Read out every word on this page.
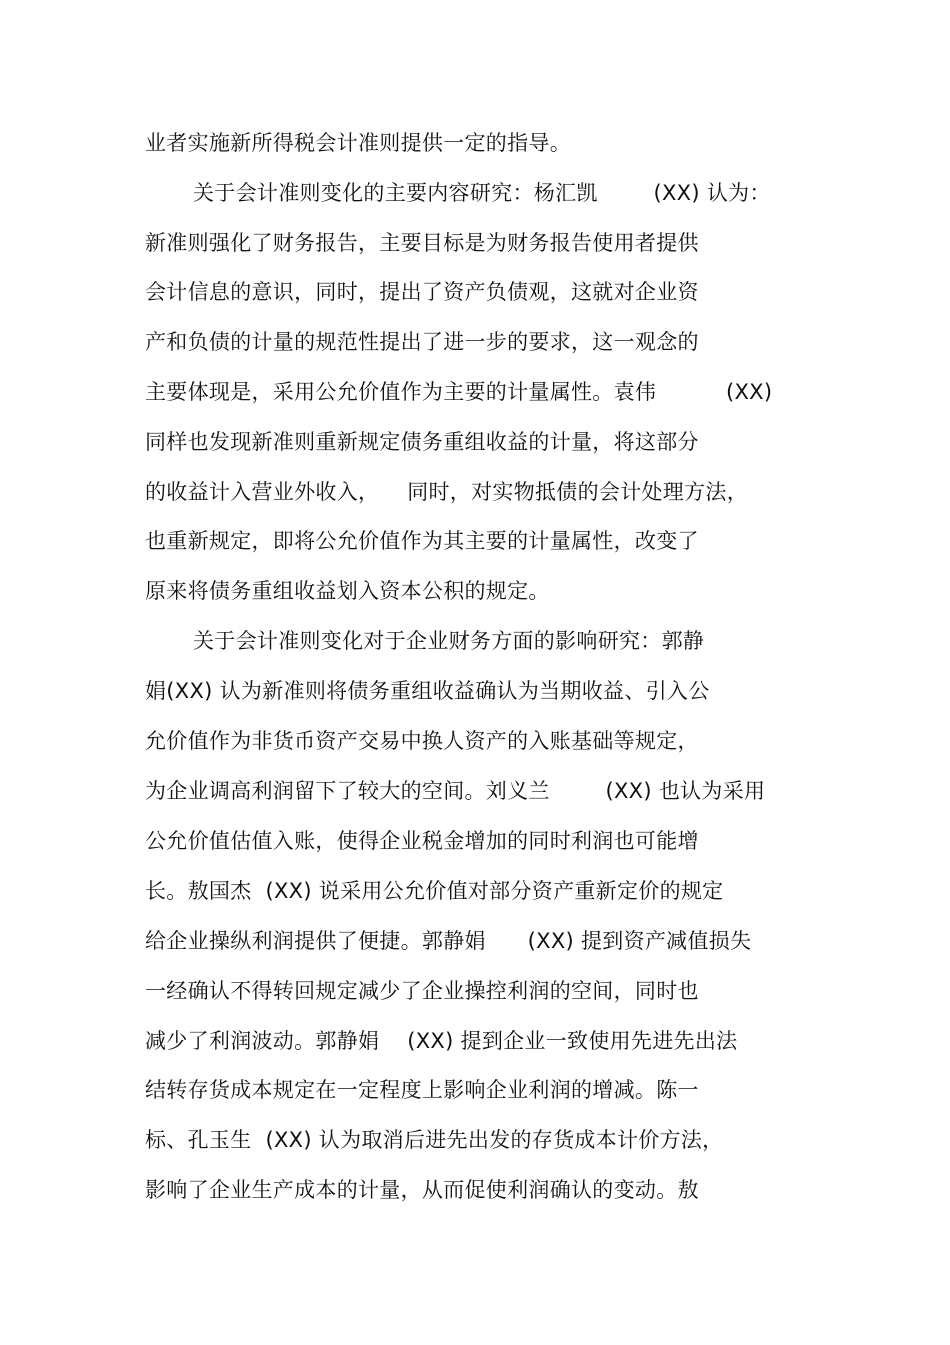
业者实施新所得税会计准则提供一定的指导。
关于会计准则变化的主要内容研究：杨汇凯        (XX) 认为：
新准则强化了财务报告，主要目标是为财务报告使用者提供
会计信息的意识，同时，提出了资产负债观，这就对企业资
产和负债的计量的规范性提出了进一步的要求，这一观念的
主要体现是，采用公允价值作为主要的计量属性。袁伟          (XX)
同样也发现新准则重新规定债务重组收益的计量，将这部分
的收益计入营业外收入，    同时，对实物抵债的会计处理方法，
也重新规定，即将公允价值作为其主要的计量属性，改变了
原来将债务重组收益划入资本公积的规定。
关于会计准则变化对于企业财务方面的影响研究：郭静
娟(XX) 认为新准则将债务重组收益确认为当期收益、引入公
允价值作为非货币资产交易中换人资产的入账基础等规定，
为企业调高利润留下了较大的空间。刘义兰        (XX) 也认为采用
公允价值估值入账，使得企业税金增加的同时利润也可能增
长。敖国杰  (XX) 说采用公允价值对部分资产重新定价的规定
给企业操纵利润提供了便捷。郭静娟      (XX) 提到资产减值损失
一经确认不得转回规定减少了企业操控利润的空间，同时也
减少了利润波动。郭静娟    (XX) 提到企业一致使用先进先出法
结转存货成本规定在一定程度上影响企业利润的增减。陈一
标、孔玉生  (XX) 认为取消后进先出发的存货成本计价方法，
影响了企业生产成本的计量，从而促使利润确认的变动。敖
